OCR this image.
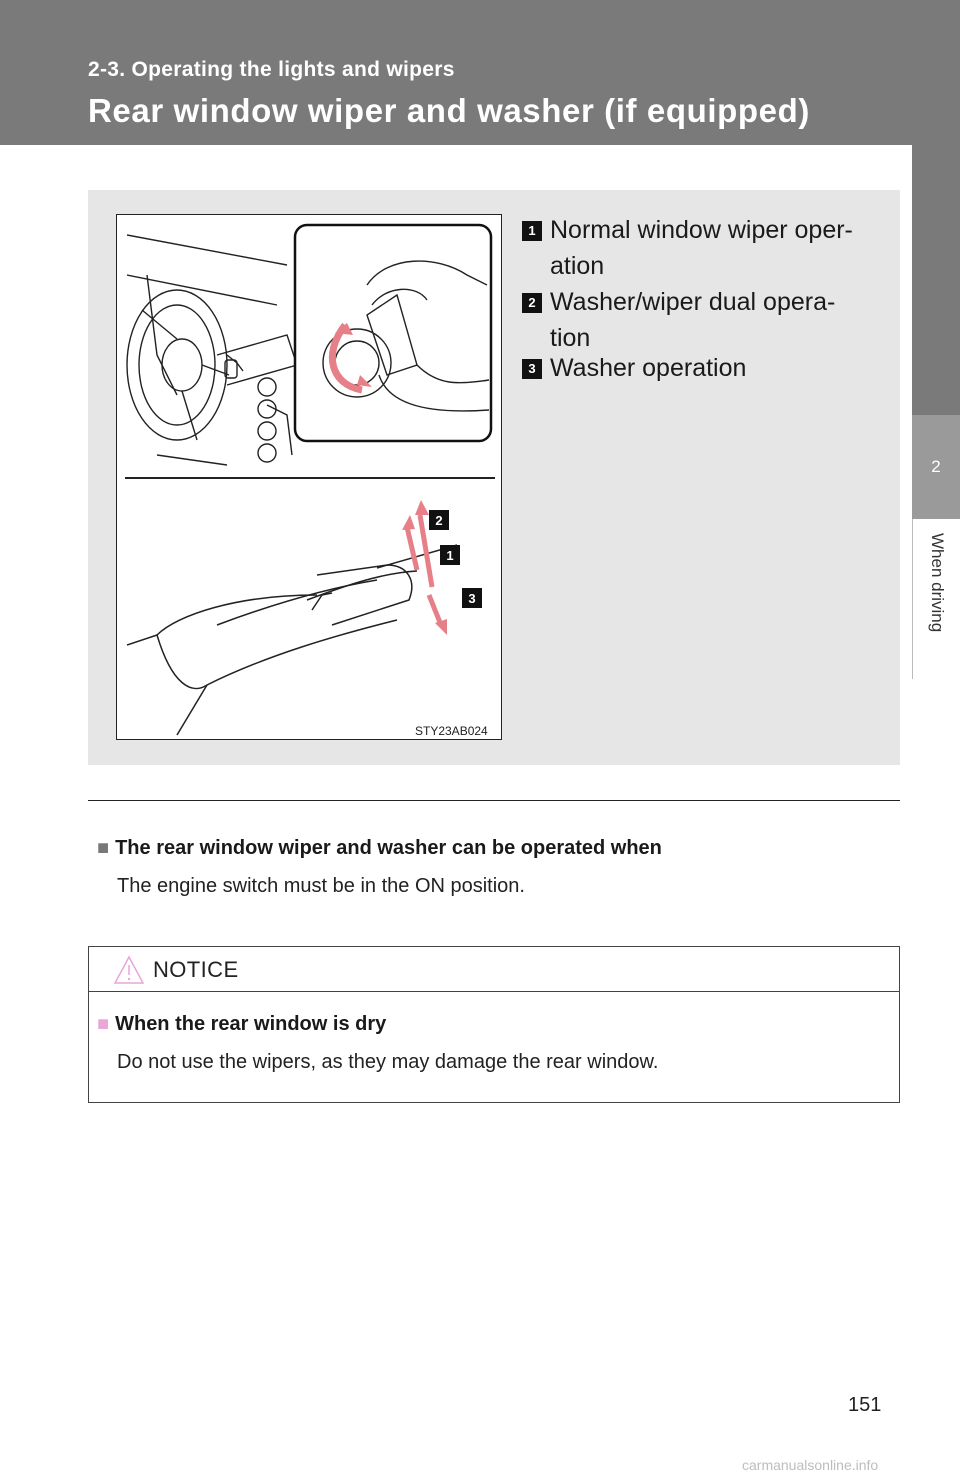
2-3. Operating the lights and wipers
Rear window wiper and washer (if equipped)
2
When driving
2
1
3
STY23AB024
1 Normal window wiper oper-
ation
2 Washer/wiper dual opera-
tion
3 Washer operation
■ The rear window wiper and washer can be operated when
The engine switch must be in the ON position.
NOTICE
■ When the rear window is dry
Do not use the wipers, as they may damage the rear window.
151
carmanualsonline.info
